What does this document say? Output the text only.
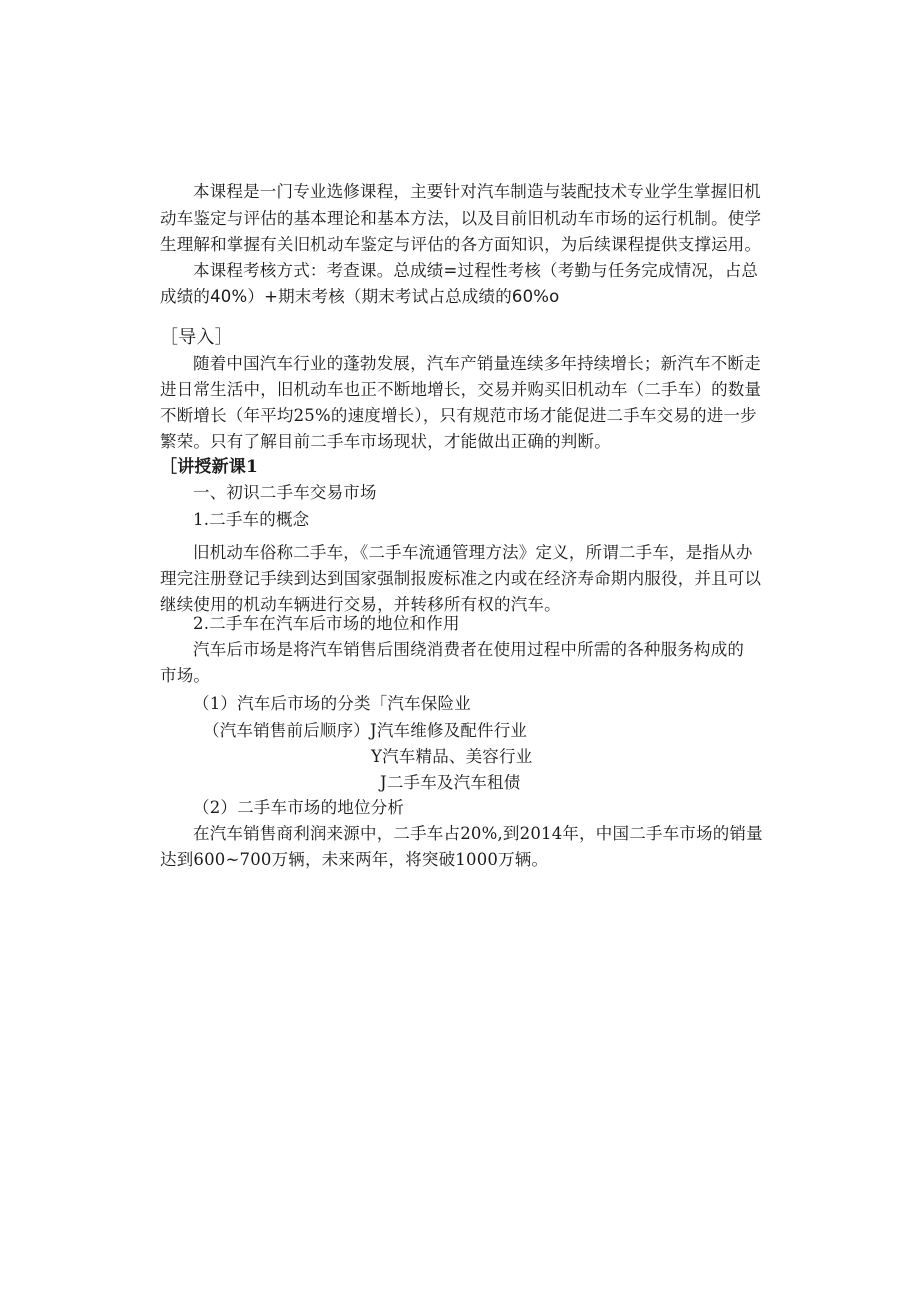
本课程是一门专业选修课程，主要针对汽车制造与装配技术专业学生掌握旧机

动车鉴定与评估的基本理论和基本方法，以及目前旧机动车市场的运行机制。使学

生理解和掌握有关旧机动车鉴定与评估的各方面知识，为后续课程提供支撑运用。

本课程考核方式：考查课。总成绩=过程性考核（考勤与任务完成情况，占总

成绩的40%）+期末考核（期末考试占总成绩的60%o

［导入］

随着中国汽车行业的蓬勃发展，汽车产销量连续多年持续增长；新汽车不断走

进日常生活中，旧机动车也正不断地增长，交易并购买旧机动车（二手车）的数量

不断增长（年平均25%的速度增长），只有规范市场才能促进二手车交易的进一步

繁荣。只有了解目前二手车市场现状，才能做出正确的判断。

［讲授新课1

一、初识二手车交易市场

1.二手车的概念

旧机动车俗称二手车，《二手车流通管理方法》定义，所谓二手车，是指从办

理完注册登记手续到达到国家强制报废标准之内或在经济寿命期内服役，并且可以

继续使用的机动车辆进行交易，并转移所有权的汽车。

2.二手车在汽车后市场的地位和作用

汽车后市场是将汽车销售后围绕消费者在使用过程中所需的各种服务构成的

市场。

（1）汽车后市场的分类「汽车保险业

（汽车销售前后顺序）J汽车维修及配件行业

Y汽车精品、美容行业

J二手车及汽车租债

（2）二手车市场的地位分析

在汽车销售商利润来源中，二手车占20%,到2014年，中国二手车市场的销量

达到600~700万辆，未来两年，将突破1000万辆。
